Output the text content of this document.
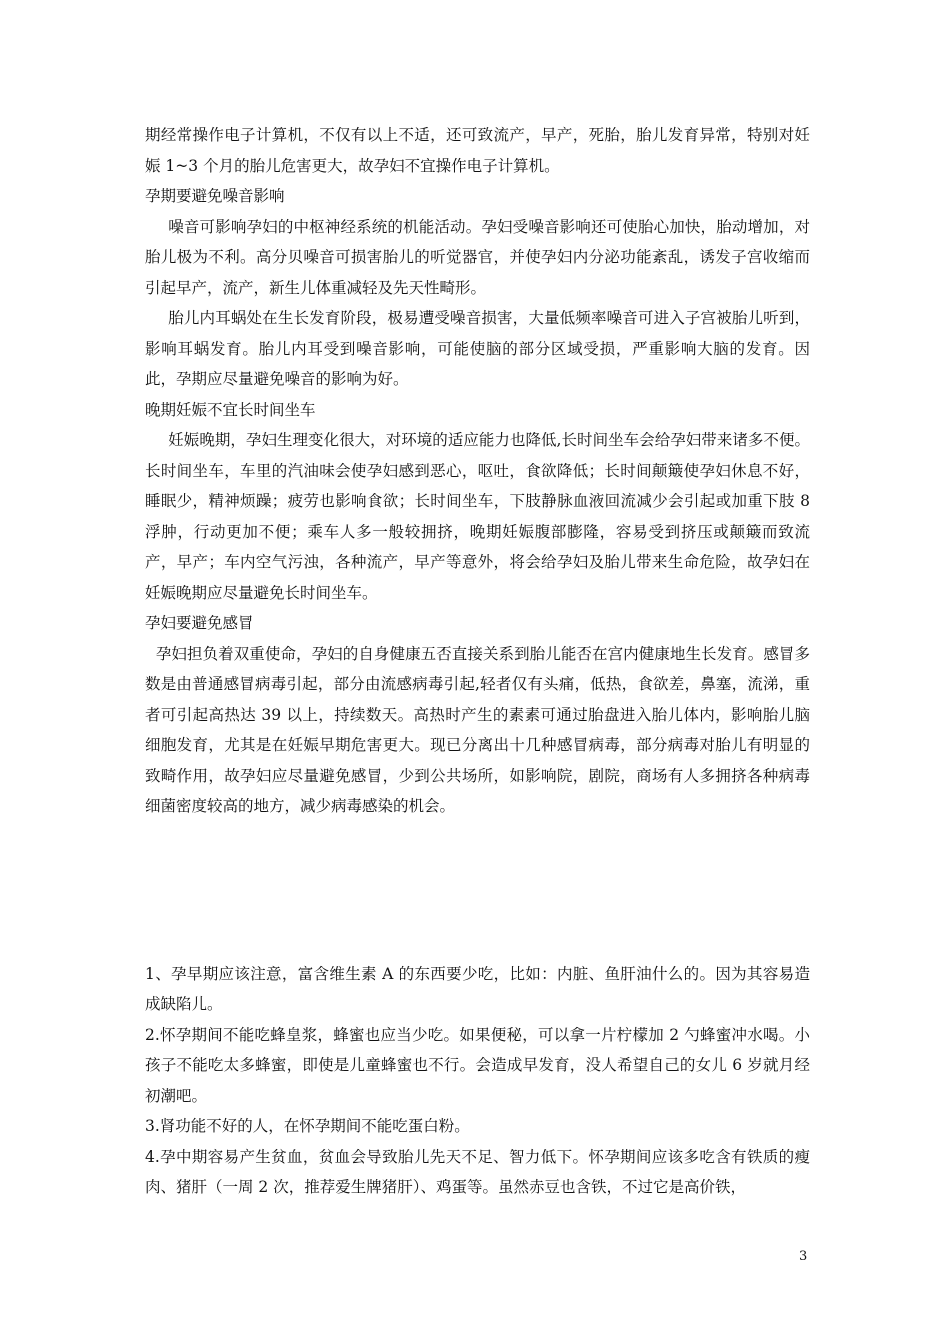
期经常操作电子计算机，不仅有以上不适，还可致流产，早产，死胎，胎儿发育异常，特别对妊娠 1~3 个月的胎儿危害更大，故孕妇不宜操作电子计算机。

孕期要避免噪音影响

噪音可影响孕妇的中枢神经系统的机能活动。孕妇受噪音影响还可使胎心加快，胎动增加，对胎儿极为不利。高分贝噪音可损害胎儿的听觉器官，并使孕妇内分泌功能紊乱，诱发子宫收缩而引起早产，流产，新生儿体重减轻及先天性畸形。

胎儿内耳蜗处在生长发育阶段，极易遭受噪音损害，大量低频率噪音可进入子宫被胎儿听到，影响耳蜗发育。胎儿内耳受到噪音影响，可能使脑的部分区域受损，严重影响大脑的发育。因此，孕期应尽量避免噪音的影响为好。

晚期妊娠不宜长时间坐车

妊娠晚期，孕妇生理变化很大，对环境的适应能力也降低,长时间坐车会给孕妇带来诸多不便。长时间坐车，车里的汽油味会使孕妇感到恶心，呕吐，食欲降低；长时间颠簸使孕妇休息不好，睡眠少，精神烦躁；疲劳也影响食欲；长时间坐车，下肢静脉血液回流减少会引起或加重下肢 8 浮肿，行动更加不便；乘车人多一般较拥挤，晚期妊娠腹部膨隆，容易受到挤压或颠簸而致流产，早产；车内空气污浊，各种流产，早产等意外，将会给孕妇及胎儿带来生命危险，故孕妇在妊娠晚期应尽量避免长时间坐车。

孕妇要避免感冒

孕妇担负着双重使命，孕妇的自身健康五否直接关系到胎儿能否在宫内健康地生长发育。感冒多数是由普通感冒病毒引起，部分由流感病毒引起,轻者仅有头痛，低热，食欲差，鼻塞，流涕，重者可引起高热达 39 以上，持续数天。高热时产生的素素可通过胎盘进入胎儿体内，影响胎儿脑细胞发育，尤其是在妊娠早期危害更大。现已分离出十几种感冒病毒，部分病毒对胎儿有明显的致畸作用，故孕妇应尽量避免感冒，少到公共场所，如影响院，剧院，商场有人多拥挤各种病毒细菌密度较高的地方，减少病毒感染的机会。

1、孕早期应该注意，富含维生素 A 的东西要少吃，比如：内脏、鱼肝油什么的。因为其容易造成缺陷儿。

2.怀孕期间不能吃蜂皇浆，蜂蜜也应当少吃。如果便秘，可以拿一片柠檬加 2 勺蜂蜜冲水喝。小孩子不能吃太多蜂蜜，即使是儿童蜂蜜也不行。会造成早发育，没人希望自己的女儿 6 岁就月经初潮吧。

3.肾功能不好的人，在怀孕期间不能吃蛋白粉。

4.孕中期容易产生贫血，贫血会导致胎儿先天不足、智力低下。怀孕期间应该多吃含有铁质的瘦肉、猪肝（一周 2 次，推荐爱生牌猪肝）、鸡蛋等。虽然赤豆也含铁，不过它是高价铁，

3
